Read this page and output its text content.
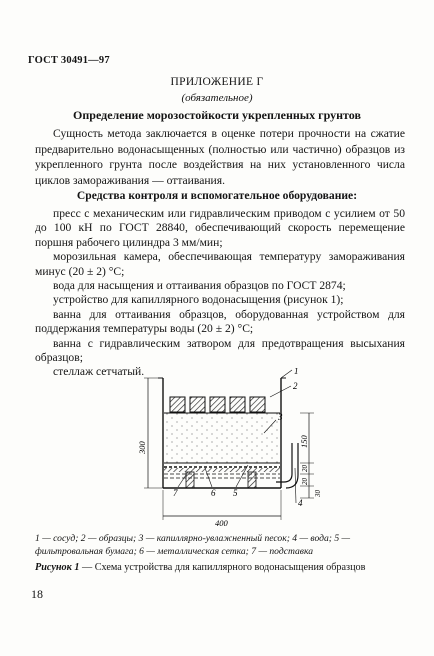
ГОСТ 30491—97
ПРИЛОЖЕНИЕ Г
(обязательное)
Определение морозостойкости укрепленных грунтов
Сущность метода заключается в оценке потери прочности на сжатие предварительно водонасыщенных (полностью или частично) образцов из укрепленного грунта после воздействия на них установленного числа циклов замораживания — оттаивания.
Средства контроля и вспомогательное оборудование:
пресс с механическим или гидравлическим приводом с усилием от 50 до 100 кН по ГОСТ 28840, обеспечивающий скорость перемещение поршня рабочего цилиндра 3 мм/мин;
морозильная камера, обеспечивающая температуру замораживания минус (20 ± 2) °С;
вода для насыщения и оттаивания образцов по ГОСТ 2874;
устройство для капиллярного водонасыщения (рисунок 1);
ванна для оттаивания образцов, оборудованная устройством для поддержания температуры воды (20 ± 2) °С;
ванна с гидравлическим затвором для предотвращения высыхания образцов;
стеллаж сетчатый.	1
2
3
4
5
6
7
300	150
20
20
30
400
1 — сосуд; 2 — образцы; 3 — капиллярно-увлажненный песок; 4 — вода; 5 — фильтровальная бумага; 6 — металлическая сетка; 7 — подставка
Рисунок 1 — Схема устройства для капиллярного водонасыщения образцов
18
